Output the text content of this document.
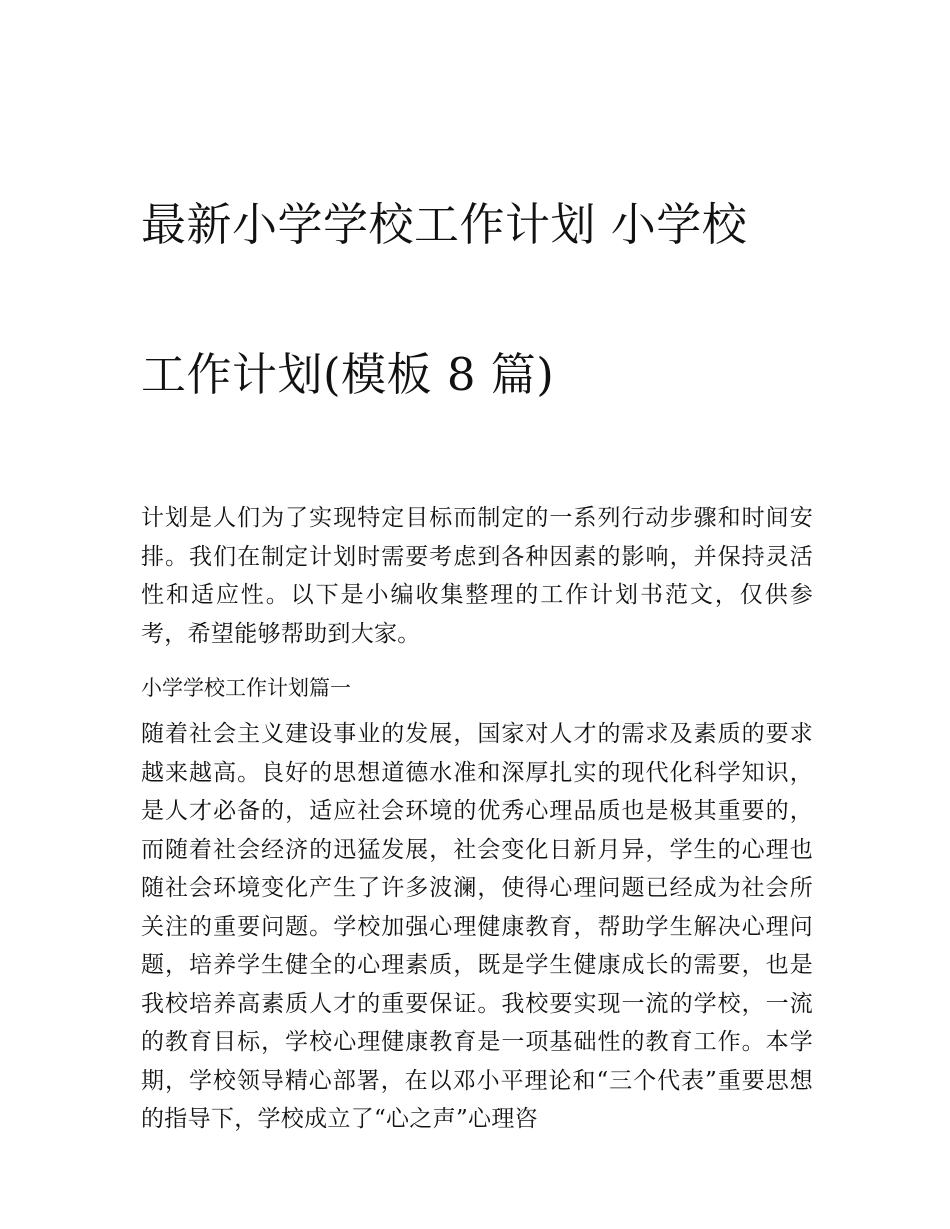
最新小学学校工作计划 小学校

工作计划(模板 8 篇)

计划是人们为了实现特定目标而制定的一系列行动步骤和时间安排。我们在制定计划时需要考虑到各种因素的影响，并保持灵活性和适应性。以下是小编收集整理的工作计划书范文，仅供参考，希望能够帮助到大家。

小学学校工作计划篇一

随着社会主义建设事业的发展，国家对人才的需求及素质的要求越来越高。良好的思想道德水准和深厚扎实的现代化科学知识，是人才必备的，适应社会环境的优秀心理品质也是极其重要的，而随着社会经济的迅猛发展，社会变化日新月异，学生的心理也随社会环境变化产生了许多波澜，使得心理问题已经成为社会所关注的重要问题。学校加强心理健康教育，帮助学生解决心理问题，培养学生健全的心理素质，既是学生健康成长的需要，也是我校培养高素质人才的重要保证。我校要实现一流的学校，一流的教育目标，学校心理健康教育是一项基础性的教育工作。本学期，学校领导精心部署，在以邓小平理论和“三个代表”重要思想的指导下，学校成立了“心之声”心理咨
